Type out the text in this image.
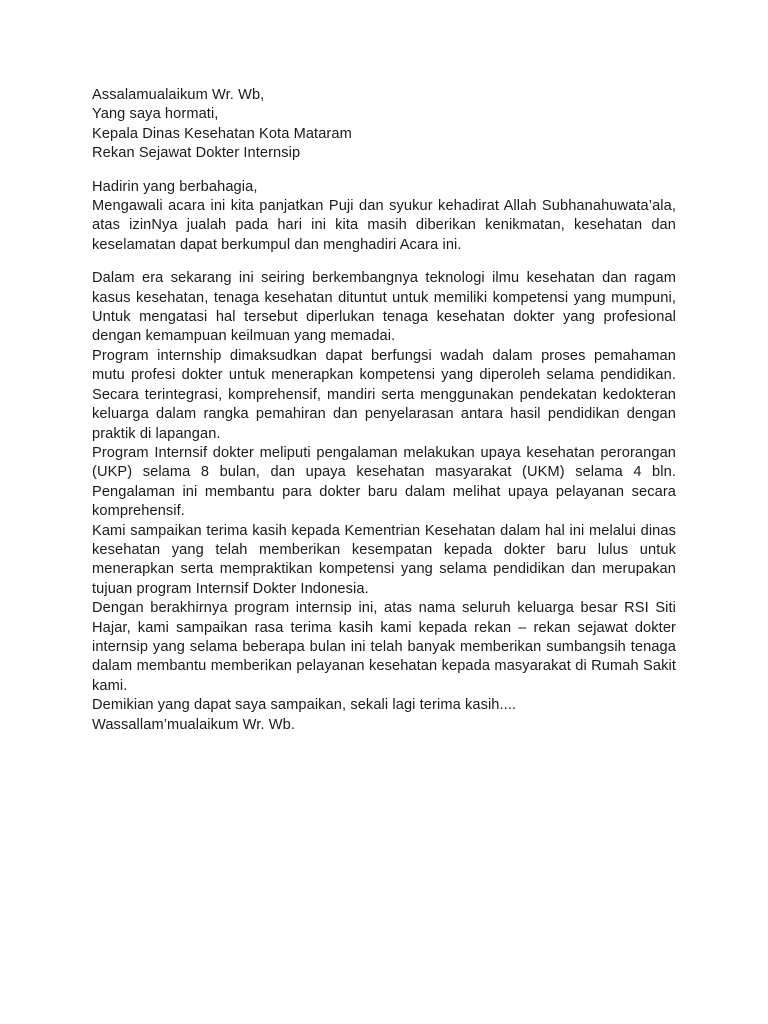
Assalamualaikum Wr. Wb,

Yang saya hormati,

Kepala Dinas Kesehatan Kota Mataram

Rekan Sejawat Dokter Internsip

Hadirin yang berbahagia,

Mengawali acara ini kita panjatkan Puji dan syukur kehadirat Allah Subhanahuwata’ala, atas izinNya jualah pada hari ini kita masih diberikan kenikmatan, kesehatan dan keselamatan dapat berkumpul dan menghadiri Acara ini.

Dalam era sekarang ini seiring berkembangnya teknologi ilmu kesehatan dan ragam kasus kesehatan, tenaga kesehatan dituntut untuk memiliki kompetensi yang mumpuni, Untuk mengatasi hal tersebut diperlukan tenaga kesehatan dokter yang profesional dengan kemampuan keilmuan yang memadai.

Program internship dimaksudkan dapat berfungsi wadah dalam proses pemahaman mutu profesi dokter untuk menerapkan kompetensi yang diperoleh selama pendidikan. Secara terintegrasi, komprehensif, mandiri serta menggunakan pendekatan kedokteran keluarga dalam rangka pemahiran dan penyelarasan antara hasil pendidikan dengan praktik di lapangan.

Program Internsif dokter meliputi pengalaman melakukan upaya kesehatan perorangan (UKP) selama 8 bulan, dan upaya kesehatan masyarakat (UKM) selama 4 bln. Pengalaman ini membantu para dokter baru dalam melihat upaya pelayanan secara komprehensif.

Kami sampaikan terima kasih kepada Kementrian Kesehatan dalam hal ini melalui dinas kesehatan yang telah memberikan kesempatan kepada dokter baru lulus untuk menerapkan serta mempraktikan kompetensi yang selama pendidikan dan merupakan tujuan program Internsif Dokter Indonesia.

Dengan berakhirnya program internsip ini, atas nama seluruh keluarga besar RSI Siti Hajar, kami sampaikan rasa terima kasih kami kepada rekan – rekan sejawat dokter internsip yang selama beberapa bulan ini telah banyak memberikan sumbangsih tenaga dalam membantu memberikan pelayanan kesehatan kepada masyarakat di Rumah Sakit kami.

Demikian yang dapat saya sampaikan, sekali lagi terima kasih....

Wassallam’mualaikum Wr. Wb.
